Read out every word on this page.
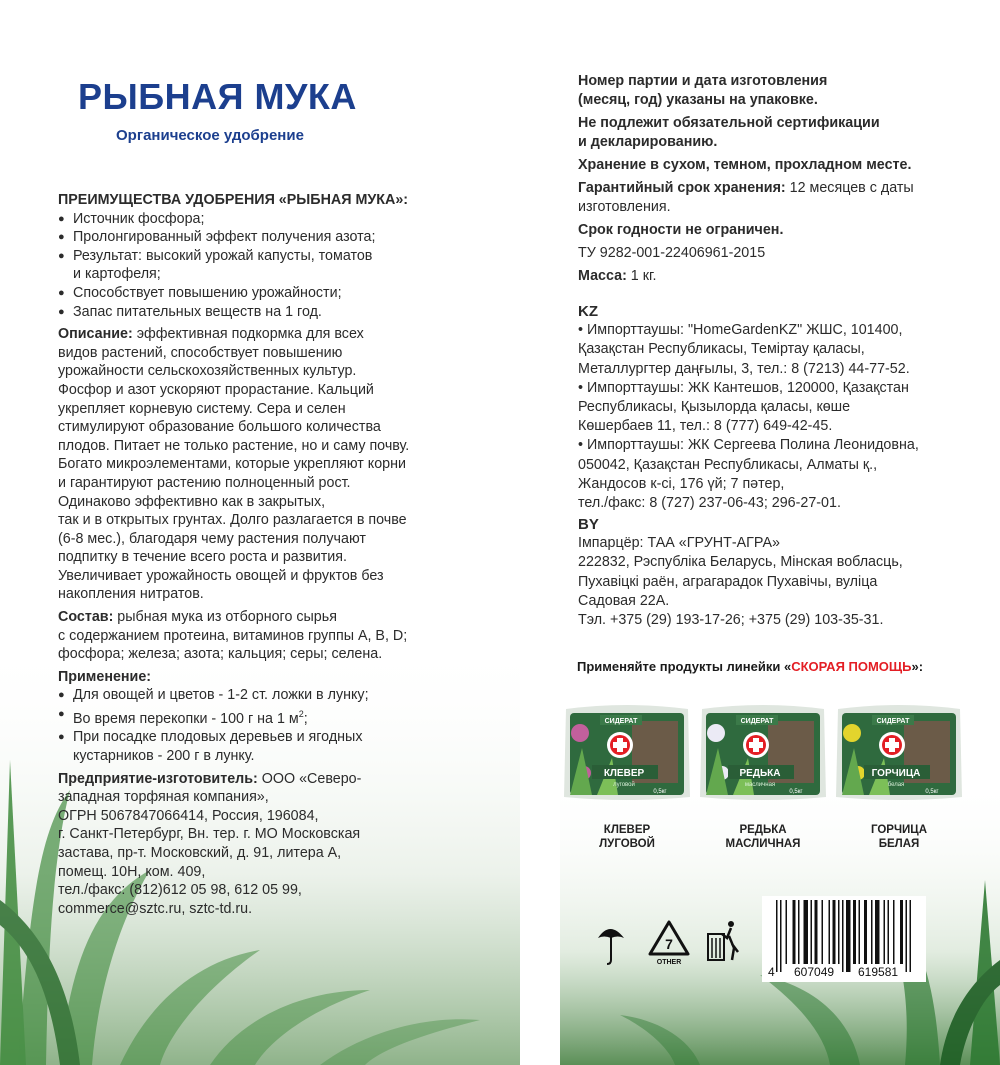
РЫБНАЯ МУКА
Органическое удобрение

ПРЕИМУЩЕСТВА УДОБРЕНИЯ «РЫБНАЯ МУКА»:

● Источник фосфора;
● Пролонгированный эффект получения азота;
● Результат: высокий урожай капусты, томатов
и картофеля;
● Способствует повышению урожайности;
● Запас питательных веществ на 1 год.

Описание: эффективная подкормка для всех

видов растений, способствует повышению

урожайности сельскохозяйственных культур.

Фосфор и азот ускоряют прорастание. Кальций

укрепляет корневую систему. Сера и селен

стимулируют образование большого количества

плодов. Питает не только растение, но и саму почву.

Богато микроэлементами, которые укрепляют корни

и гарантируют растению полноценный рост.

Одинаково эффективно как в закрытых,

так и в открытых грунтах. Долго разлагается в почве

(6-8 мес.), благодаря чему растения получают

подпитку в течение всего роста и развития.

Увеличивает урожайность овощей и фруктов без

накопления нитратов.

Состав: рыбная мука из отборного сырья

с содержанием протеина, витаминов группы А, В, D;

фосфора; железа; азота; кальция; серы; селена.

Применение:

● Для овощей и цветов - 1-2 ст. ложки в лунку;
● Во время перекопки - 100 г на 1 $м^2$;
● При посадке плодовых деревьев и ягодных
кустарников - 200 г в лунку.

Предприятие-изготовитель: ООО «Северо-

западная торфяная компания»,

ОГРН 5067847066414, Россия, 196084,

г. Санкт-Петербург, Вн. тер. г. МО Московская

застава, пр-т. Московский, д. 91, литера А,

помещ. 10Н, ком. 409,

тел./факс: (812)612 05 98, 612 05 99,

commerce@sztc.ru, sztc-td.ru.

Номер партии и дата изготовления
(месяц, год) указаны на упаковке.

Не подлежит обязательной сертификации
и декларированию.

Хранение в сухом, темном, прохладном месте.

Гарантийный срок хранения: 12 месяцев с даты
изготовления.

Срок годности не ограничен.

ТУ 9282-001-22406961-2015

Масса: 1 кг.

KZ

• Импорттаушы: "HomeGardenKZ" ЖШС, 101400,

Қазақстан Республикасы, Теміртау қаласы,

Металлургтер даңғылы, 3, тел.: 8 (7213) 44-77-52.

• Импорттаушы: ЖК Кантешов, 120000, Қазақстан

Республикасы, Қызылорда қаласы, көше

Көшербаев 11, тел.: 8 (777) 649-42-45.

• Импорттаушы: ЖК Сергеева Полина Леонидовна,

050042, Қазақстан Республикасы, Алматы қ.,

Жандосов к-сі, 176 үй; 7 пәтер,

тел./факс: 8 (727) 237-06-43; 296-27-01.

BY

Імпарцёр: ТАА «ГРУНТ-АГРА»

222832, Рэспубліка Беларусь, Мінская вобласць,

Пухавіцкі раён, аграгарадок Пухавічы, вуліца

Садовая 22А.

Тэл. +375 (29) 193-17-26; +375 (29) 103-35-31.

Применяйте продукты линейки «СКОРАЯ ПОМОЩЬ»:
СИДЕРАТ
КЛЕВЕР
луговой
0,5кг
СИДЕРАТ
РЕДЬКА
масличная
0,5кг
СИДЕРАТ
ГОРЧИЦА
белая
0,5кг
КЛЕВЕР
ЛУГОВОЙ
РЕДЬКА
МАСЛИЧНАЯ
ГОРЧИЦА
БЕЛАЯ
7
OTHER
4 607049 619581
